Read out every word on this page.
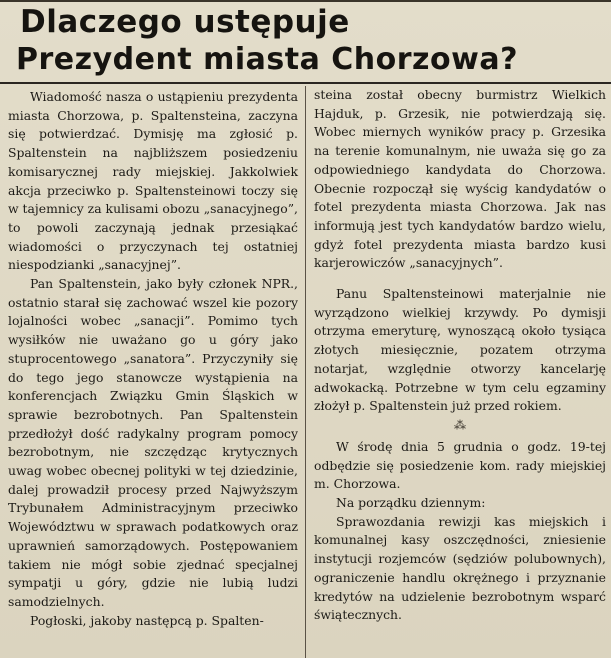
Dlaczego ustępuje
Prezydent miasta Chorzowa?

Wiadomość nasza o ustąpieniu prezydenta miasta Chorzowa, p. Spaltensteina, zaczyna się potwierdzać. Dymisję ma zgłosić p. Spaltenstein na najbliższem posiedzeniu komisarycznej rady miejskiej. Jakkolwiek akcja przeciwko p. Spaltensteinowi toczy się w tajemnicy za kulisami obozu „sanacyjnego”, to powoli zaczynają jednak przesiąkać wiadomości o przyczynach tej ostatniej niespodzianki „sanacyjnej”.

Pan Spaltenstein, jako były członek NPR., ostatnio starał się zachować wszel kie pozory lojalności wobec „sanacji”. Pomimo tych wysiłków nie uważano go u góry jako stuprocentowego „sanatora”. Przyczyniły się do tego jego stanowcze wystąpienia na konferencjach Związku Gmin Śląskich w sprawie bezrobotnych. Pan Spaltenstein przedłożył dość radykalny program pomocy bezrobotnym, nie szczędząc krytycznych uwag wobec obecnej polityki w tej dziedzinie, dalej prowadził procesy przed Najwyższym Trybunałem Administracyjnym przeciwko Województwu w sprawach podatkowych oraz uprawnień samorządowych. Postępowaniem takiem nie mógł sobie zjednać specjalnej sympatji u góry, gdzie nie lubią ludzi samodzielnych.

Pogłoski, jakoby następcą p. Spalten-

steina został obecny burmistrz Wielkich Hajduk, p. Grzesik, nie potwierdzają się. Wobec miernych wyników pracy p. Grzesika na terenie komunalnym, nie uważa się go za odpowiedniego kandydata do Chorzowa. Obecnie rozpoczął się wyścig kandydatów o fotel prezydenta miasta Chorzowa. Jak nas informują jest tych kandydatów bardzo wielu, gdyż fotel prezydenta miasta bardzo kusi karjerowiczów „sanacyjnych”.

Panu Spaltensteinowi materjalnie nie wyrządzono wielkiej krzywdy. Po dymisji otrzyma emeryturę, wynoszącą około tysiąca złotych miesięcznie, pozatem otrzyma notarjat, względnie otworzy kancelarję adwokacką. Potrzebne w tym celu egzaminy złożył p. Spaltenstein już przed rokiem.

⁂

W środę dnia 5 grudnia o godz. 19-tej odbędzie się posiedzenie kom. rady miejskiej m. Chorzowa.

Na porządku dziennym:

Sprawozdania rewizji kas miejskich i komunalnej kasy oszczędności, zniesienie instytucji rozjemców (sędziów polubownych), ograniczenie handlu okrężnego i przyznanie kredytów na udzielenie bezrobotnym wsparć świątecznych.
